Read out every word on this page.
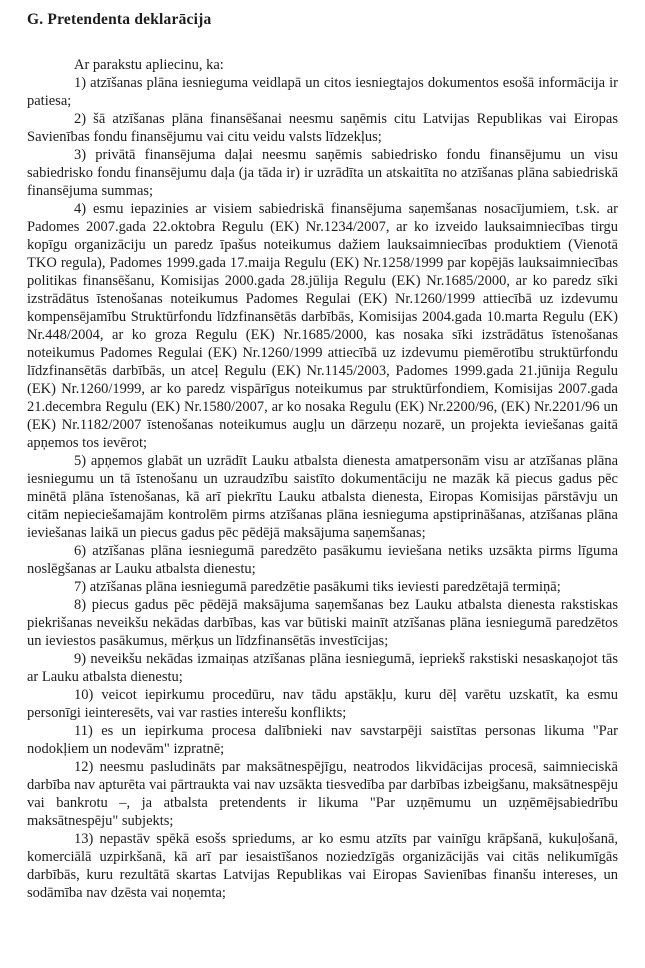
G. Pretendenta deklarācija

Ar parakstu apliecinu, ka:

1) atzīšanas plāna iesnieguma veidlapā un citos iesniegtajos dokumentos esošā informācija ir patiesa;

2) šā atzīšanas plāna finansēšanai neesmu saņēmis citu Latvijas Republikas vai Eiropas Savienības fondu finansējumu vai citu veidu valsts līdzekļus;

3) privātā finansējuma daļai neesmu saņēmis sabiedrisko fondu finansējumu un visu sabiedrisko fondu finansējumu daļa (ja tāda ir) ir uzrādīta un atskaitīta no atzīšanas plāna sabiedriskā finansējuma summas;

4) esmu iepazinies ar visiem sabiedriskā finansējuma saņemšanas nosacījumiem, t.sk. ar Padomes 2007.gada 22.oktobra Regulu (EK) Nr.1234/2007, ar ko izveido lauksaimniecības tirgu kopīgu organizāciju un paredz īpašus noteikumus dažiem lauksaimniecības produktiem (Vienotā TKO regula), Padomes 1999.gada 17.maija Regulu (EK) Nr.1258/1999 par kopējās lauksaimniecības politikas finansēšanu, Komisijas 2000.gada 28.jūlija Regulu (EK) Nr.1685/2000, ar ko paredz sīki izstrādātus īstenošanas noteikumus Padomes Regulai (EK) Nr.1260/1999 attiecībā uz izdevumu kompensējamību Struktūrfondu līdzfinansētās darbībās, Komisijas 2004.gada 10.marta Regulu (EK) Nr.448/2004, ar ko groza Regulu (EK) Nr.1685/2000, kas nosaka sīki izstrādātus īstenošanas noteikumus Padomes Regulai (EK) Nr.1260/1999 attiecībā uz izdevumu piemērotību struktūrfondu līdzfinansētās darbībās, un atceļ Regulu (EK) Nr.1145/2003, Padomes 1999.gada 21.jūnija Regulu (EK) Nr.1260/1999, ar ko paredz vispārīgus noteikumus par struktūrfondiem, Komisijas 2007.gada 21.decembra Regulu (EK) Nr.1580/2007, ar ko nosaka Regulu (EK) Nr.2200/96, (EK) Nr.2201/96 un (EK) Nr.1182/2007 īstenošanas noteikumus augļu un dārzeņu nozarē, un projekta ieviešanas gaitā apņemos tos ievērot;

5) apņemos glabāt un uzrādīt Lauku atbalsta dienesta amatpersonām visu ar atzīšanas plāna iesniegumu un tā īstenošanu un uzraudzību saistīto dokumentāciju ne mazāk kā piecus gadus pēc minētā plāna īstenošanas, kā arī piekrītu Lauku atbalsta dienesta, Eiropas Komisijas pārstāvju un citām nepieciešamajām kontrolēm pirms atzīšanas plāna iesnieguma apstiprināšanas, atzīšanas plāna ieviešanas laikā un piecus gadus pēc pēdējā maksājuma saņemšanas;

6) atzīšanas plāna iesniegumā paredzēto pasākumu ieviešana netiks uzsākta pirms līguma noslēgšanas ar Lauku atbalsta dienestu;

7) atzīšanas plāna iesniegumā paredzētie pasākumi tiks ieviesti paredzētajā termiņā;

8) piecus gadus pēc pēdējā maksājuma saņemšanas bez Lauku atbalsta dienesta rakstiskas piekrišanas neveikšu nekādas darbības, kas var būtiski mainīt atzīšanas plāna iesniegumā paredzētos un ieviestos pasākumus, mērķus un līdzfinansētās investīcijas;

9) neveikšu nekādas izmaiņas atzīšanas plāna iesniegumā, iepriekš rakstiski nesaskaņojot tās ar Lauku atbalsta dienestu;

10) veicot iepirkumu procedūru, nav tādu apstākļu, kuru dēļ varētu uzskatīt, ka esmu personīgi ieinteresēts, vai var rasties interešu konflikts;

11) es un iepirkuma procesa dalībnieki nav savstarpēji saistītas personas likuma "Par nodokļiem un nodevām" izpratnē;

12) neesmu pasludināts par maksātnespējīgu, neatrodos likvidācijas procesā, saimnieciskā darbība nav apturēta vai pārtraukta vai nav uzsākta tiesvedība par darbības izbeigšanu, maksātnespēju vai bankrotu –, ja atbalsta pretendents ir likuma "Par uzņēmumu un uzņēmējsabiedrību maksātnespēju" subjekts;

13) nepastāv spēkā esošs spriedums, ar ko esmu atzīts par vainīgu krāpšanā, kukuļošanā, komerciālā uzpirkšanā, kā arī par iesaistīšanos noziedzīgās organizācijās vai citās nelikumīgās darbībās, kuru rezultātā skartas Latvijas Republikas vai Eiropas Savienības finanšu intereses, un sodāmība nav dzēsta vai noņemta;
